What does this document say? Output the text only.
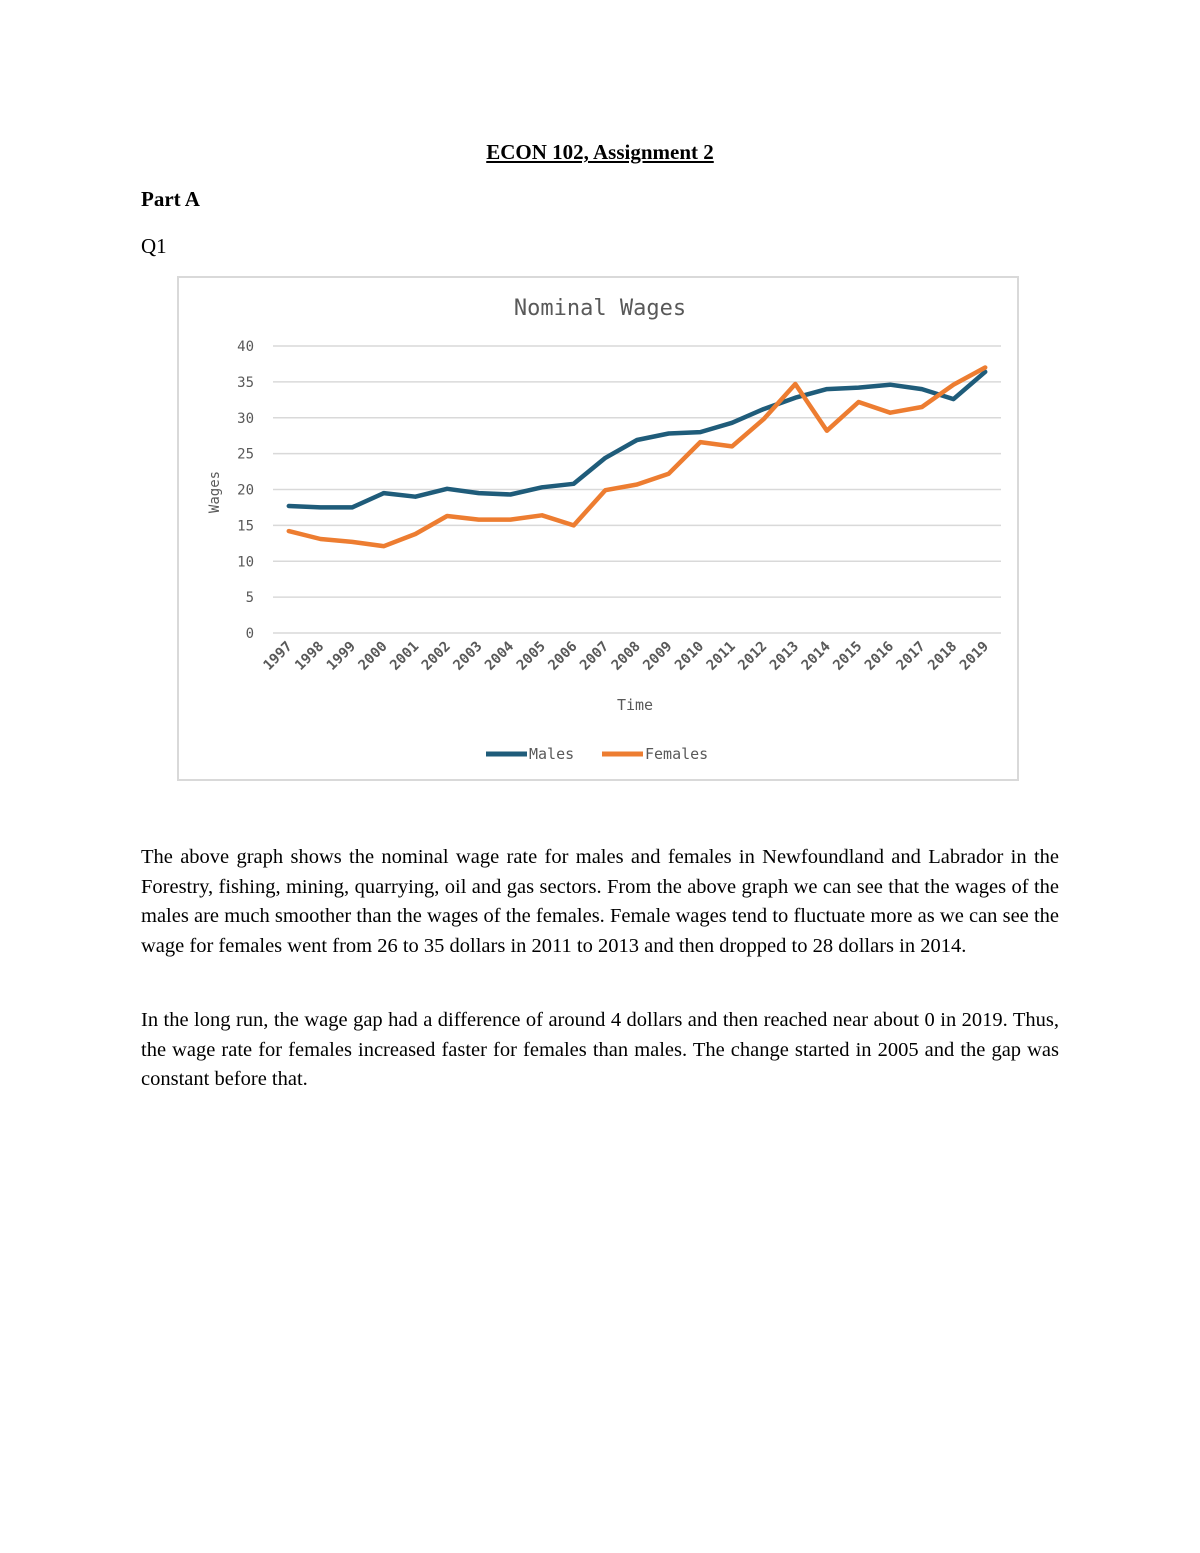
ECON 102, Assignment 2
Part A
Q1
Nominal Wages
0
5
10
15
20
25
30
35
40
1997
1998
1999
2000
2001
2002
2003
2004
2005
2006
2007
2008
2009
2010
2011
2012
2013
2014
2015
2016
2017
2018
2019
Wages
Time
Males	Females

The above graph shows the nominal wage rate for males and females in Newfoundland and Labrador in the Forestry, fishing, mining, quarrying, oil and gas sectors. From the above graph we can see that the wages of the males are much smoother than the wages of the females. Female wages tend to fluctuate more as we can see the wage for females went from 26 to 35 dollars in 2011 to 2013 and then dropped to 28 dollars in 2014.

In the long run, the wage gap had a difference of around 4 dollars and then reached near about 0 in 2019. Thus, the wage rate for females increased faster for females than males. The change started in 2005 and the gap was constant before that.
